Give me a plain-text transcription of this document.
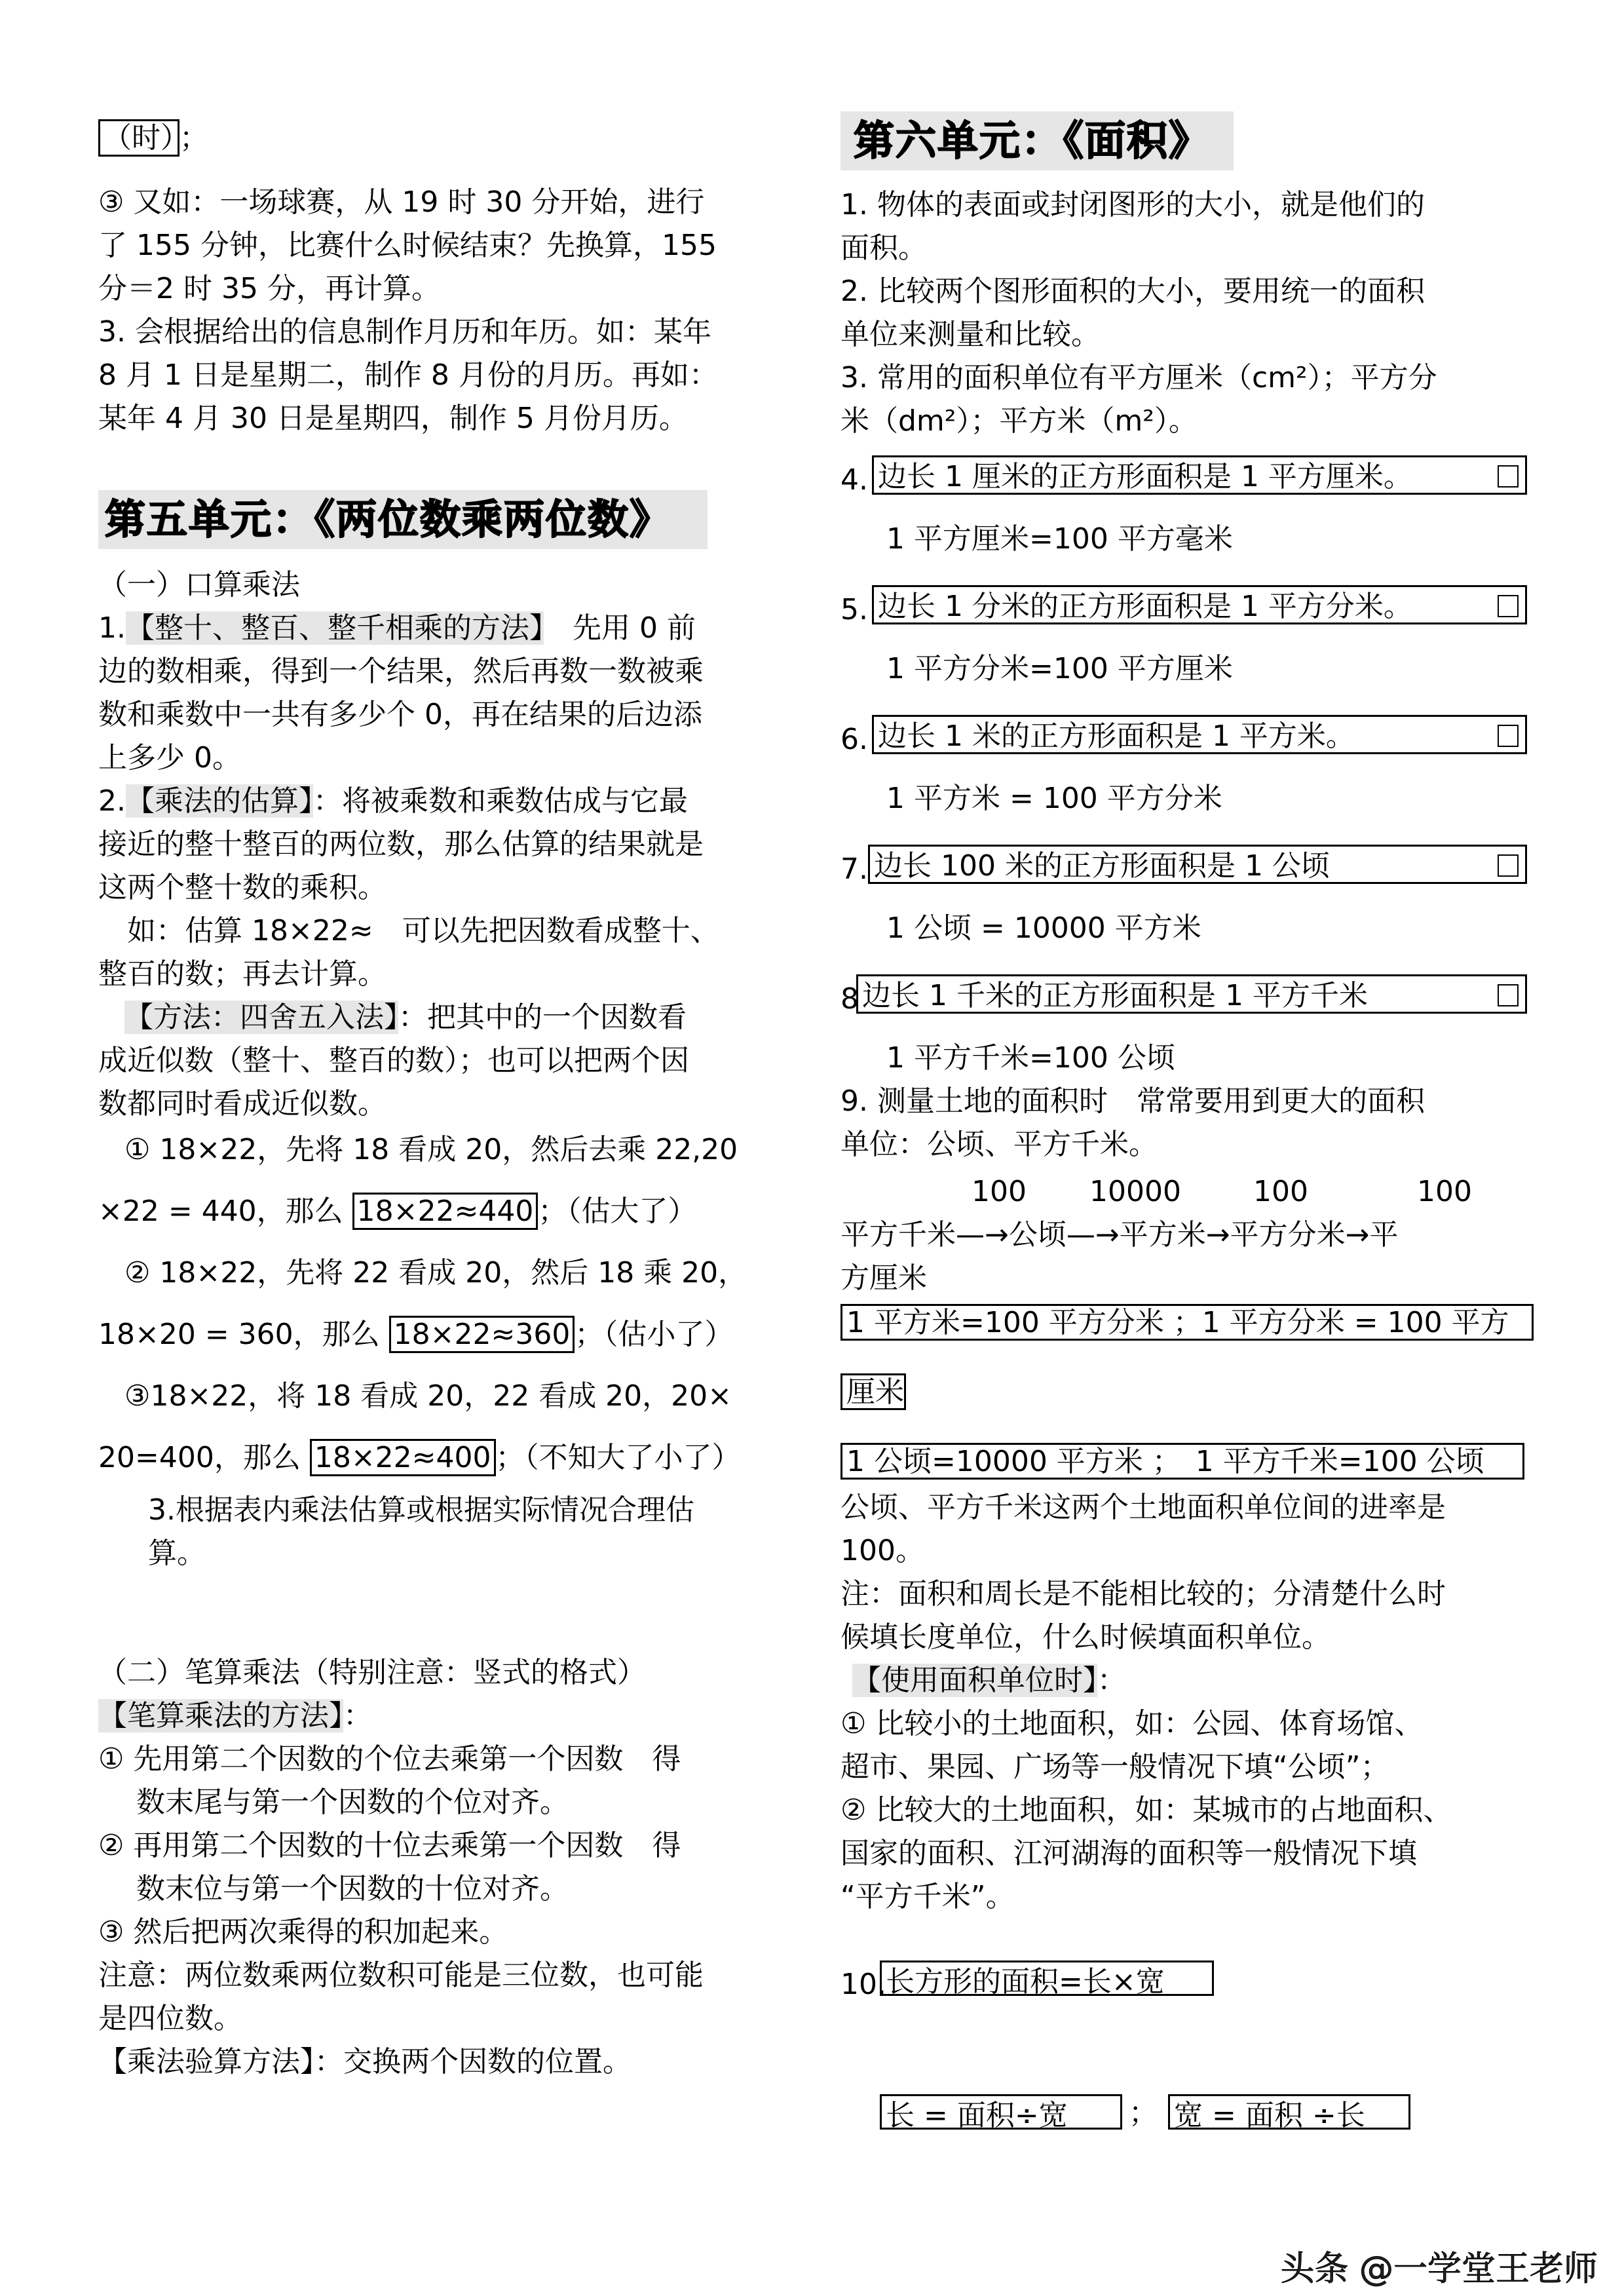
（时） ；
③ 又如：一场球赛，从 19 时 30 分开始，进行
了 155 分钟，比赛什么时候结束？先换算，155
分＝2 时 35 分，再计算。
3. 会根据给出的信息制作月历和年历。如：某年
8 月 1 日是星期二，制作 8 月份的月历。再如：
某年 4 月 30 日是星期四，制作 5 月份月历。
第五单元：《两位数乘两位数》
（一）口算乘法
1.【整十、整百、整千相乘的方法】　先用 0 前
边的数相乘，得到一个结果，然后再数一数被乘
数和乘数中一共有多少个 0，再在结果的后边添
上多少 0。
2.【乘法的估算】：将被乘数和乘数估成与它最
接近的整十整百的两位数，那么估算的结果就是
这两个整十数的乘积。
　如：估算 18×22≈　可以先把因数看成整十、
整百的数；再去计算。
【方法：四舍五入法】：把其中的一个因数看
成近似数（整十、整百的数）；也可以把两个因
数都同时看成近似数。
① 18×22，先将 18 看成 20，然后去乘 22,20
×22 = 440，那么 18×22≈440 ；（估大了）
② 18×22，先将 22 看成 20，然后 18 乘 20，
18×20 = 360，那么 18×22≈360 ；（估小了）
③18×22，将 18 看成 20，22 看成 20，20×
20=400，那么 18×22≈400 ；（不知大了小了）
3.根据表内乘法估算或根据实际情况合理估
算。
（二）笔算乘法（特别注意：竖式的格式）
【笔算乘法的方法】：
① 先用第二个因数的个位去乘第一个因数　得
　 数末尾与第一个因数的个位对齐。
② 再用第二个因数的十位去乘第一个因数　得
　 数末位与第一个因数的十位对齐。
③ 然后把两次乘得的积加起来。
注意：两位数乘两位数积可能是三位数，也可能
是四位数。
【乘法验算方法】：交换两个因数的位置。
第六单元：《面积》
1. 物体的表面或封闭图形的大小，就是他们的
面积。
2. 比较两个图形面积的大小，要用统一的面积
单位来测量和比较。
3. 常用的面积单位有平方厘米（cm²）；平方分
米（dm²）；平方米（m²）。
4. 边长 1 厘米的正方形面积是 1 平方厘米。
1 平方厘米=100 平方毫米
5. 边长 1 分米的正方形面积是 1 平方分米。
1 平方分米=100 平方厘米
6. 边长 1 米的正方形面积是 1 平方米。
1 平方米 = 100 平方分米
7. 边长 100 米的正方形面积是 1 公顷
1 公顷 = 10000 平方米
8 边长 1 千米的正方形面积是 1 平方千米
1 平方千米=100 公顷
9. 测量土地的面积时　常常要用到更大的面积
单位：公顷、平方千米。
100 10000	100	100
平方千米—→公顷—→平方米→平方分米→平
方厘米
1 平方米=100 平方分米 ；1 平方分米 = 100 平方
厘米
1 公顷=10000 平方米 ；　1 平方千米=100 公顷
公顷、平方千米这两个土地面积单位间的进率是
100。
注：面积和周长是不能相比较的；分清楚什么时
候填长度单位，什么时候填面积单位。
【使用面积单位时】：
① 比较小的土地面积，如：公园、体育场馆、
超市、果园、广场等一般情况下填“公顷”；
② 比较大的土地面积，如：某城市的占地面积、
国家的面积、江河湖海的面积等一般情况下填
“平方千米”。
10. 长方形的面积=长×宽
长 = 面积÷宽	； 宽 = 面积 ÷长
头条 @一学堂王老师
